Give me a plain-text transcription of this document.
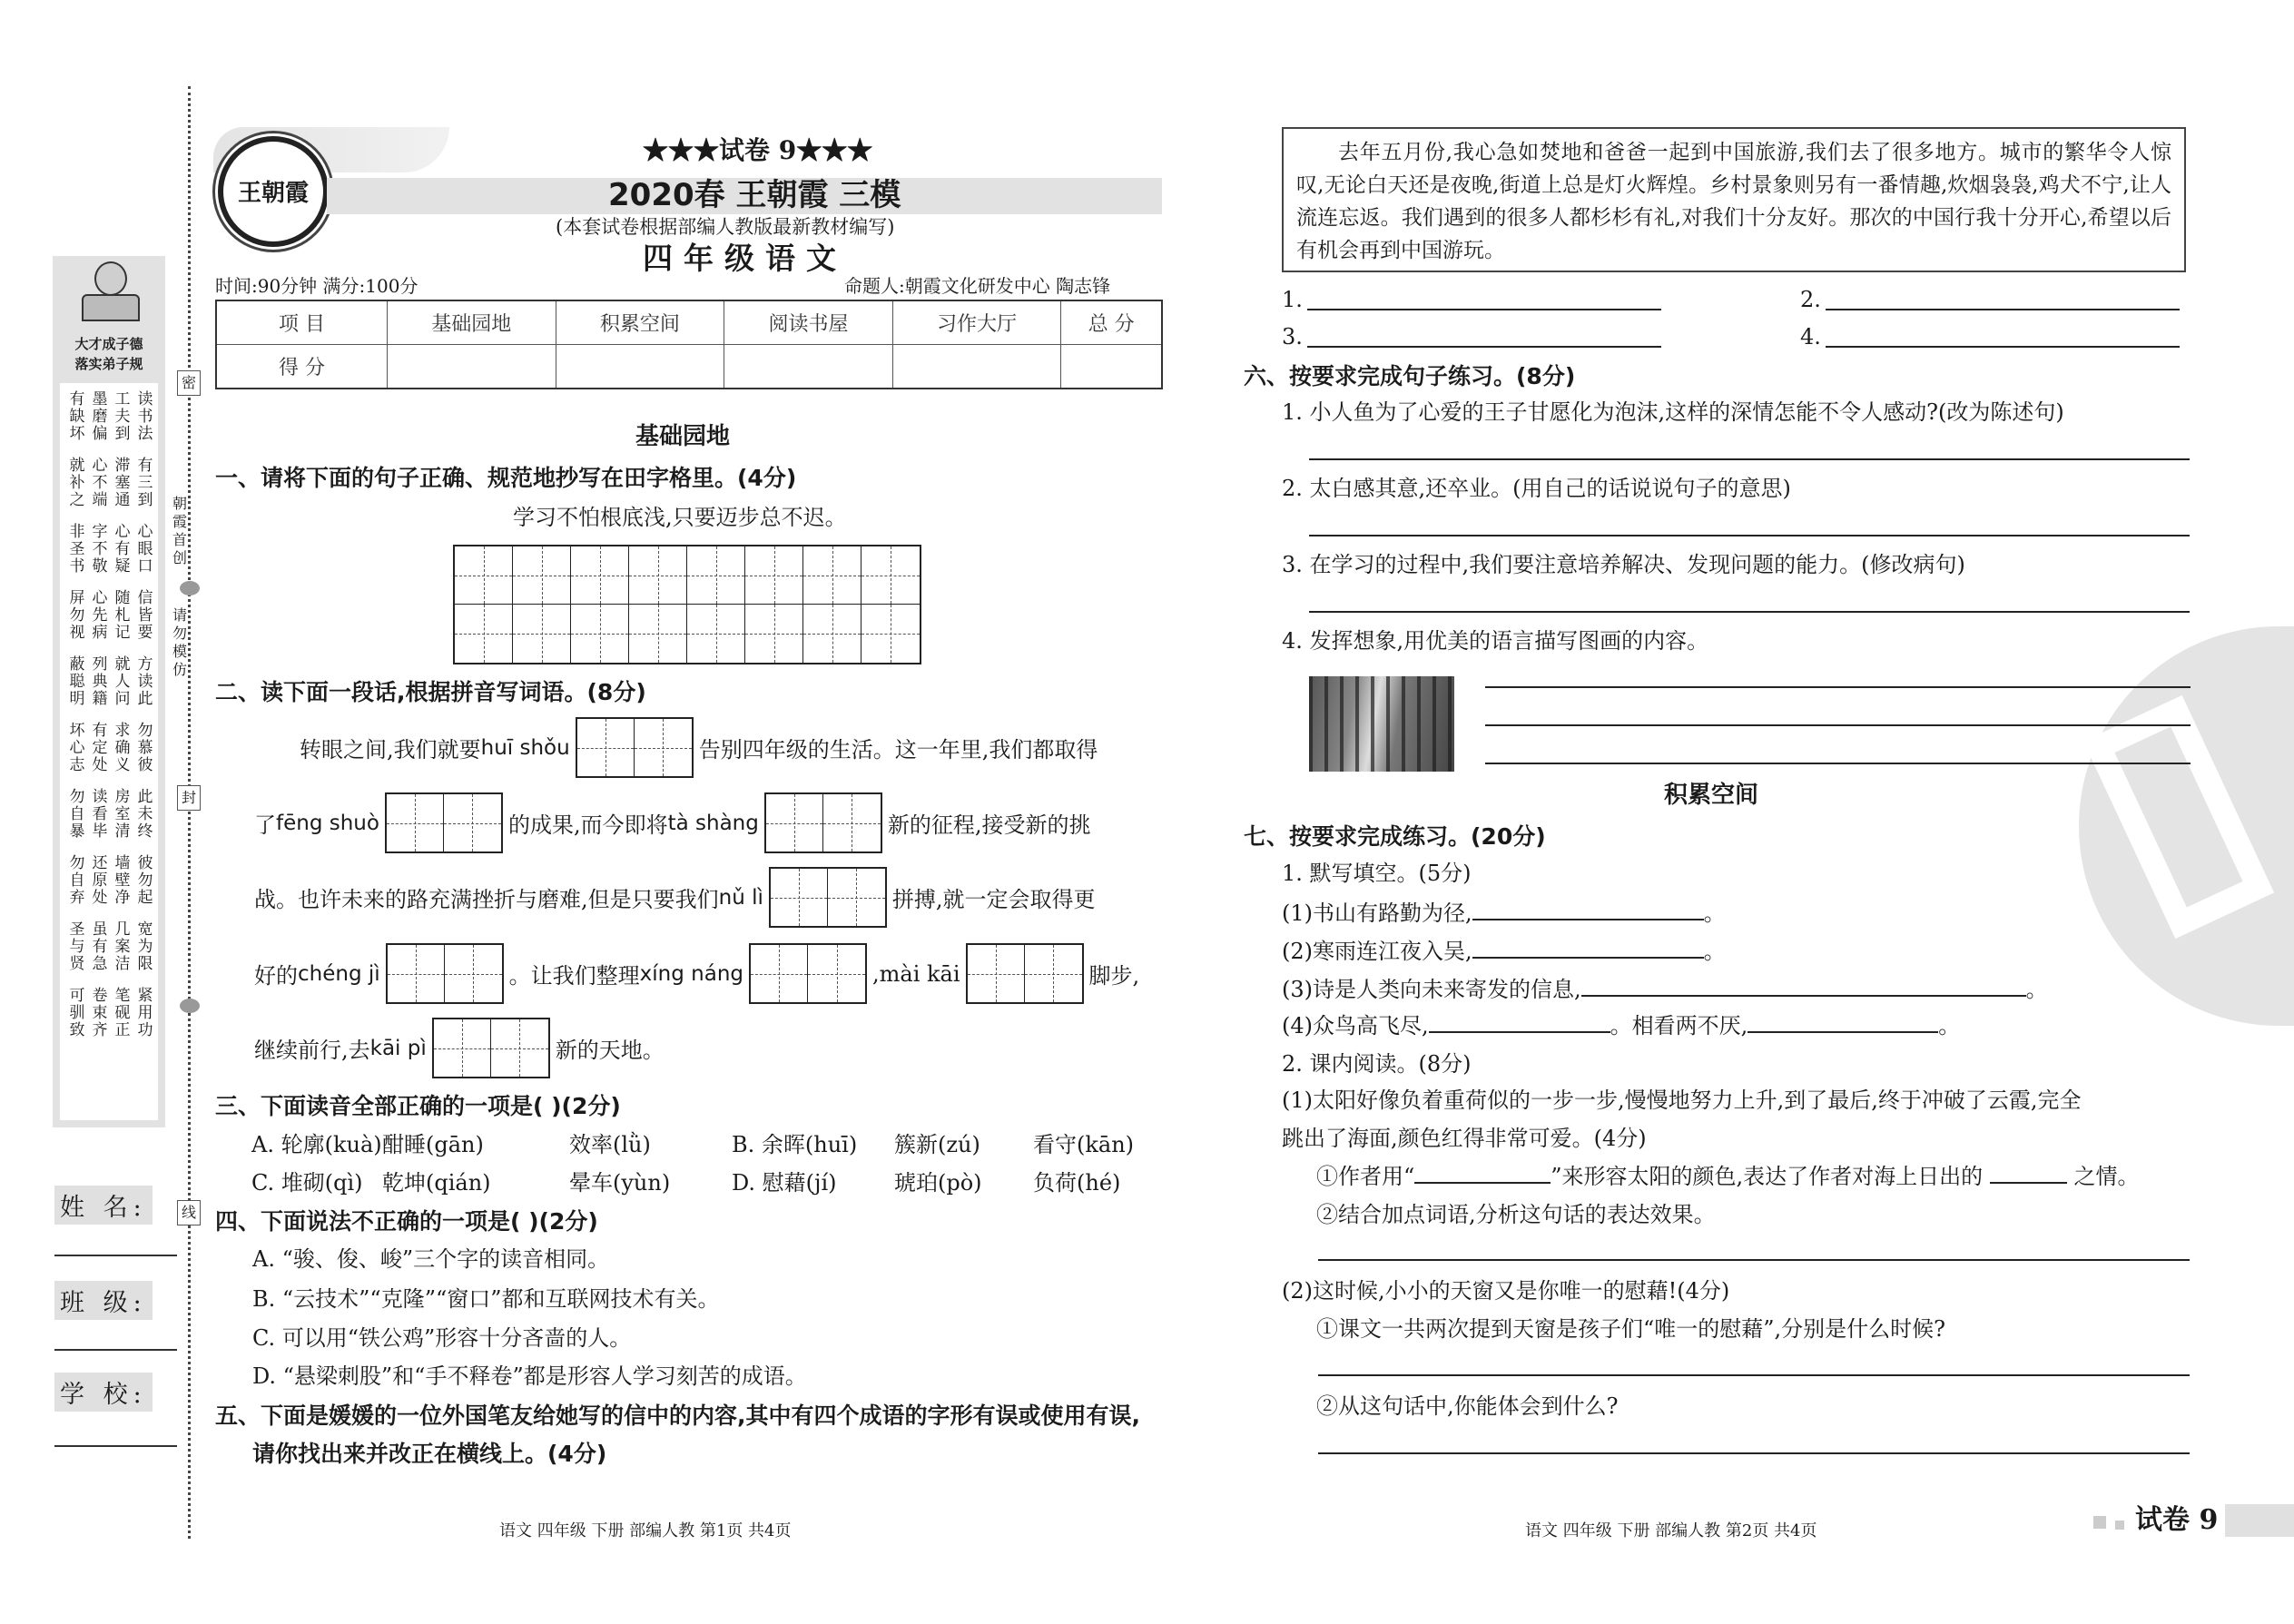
大才成子德
落实弟子规
有缺坏 墨磨偏 工夫到 读书法
就补之 心不端 滞塞通 有三到
非圣书 字不敬 心有疑 心眼口
屏勿视 心先病 随札记 信皆要
蔽聪明 列典籍 就人问 方读此
坏心志 有定处 求确义 勿慕彼
勿自暴 读看毕 房室清 此未终
勿自弃 还原处 墙壁净 彼勿起
圣与贤 虽有急 几案洁 宽为限
可驯致 卷束齐 笔砚正 紧用功
姓 名:
班 级:
学 校:
密
朝霞首创
请勿模仿
封
线
王朝霞
★★★试卷 9★★★
2020春 王朝霞 三模
(本套试卷根据部编人教版最新教材编写)
四年级语文
时间:90分钟 满分:100分	命题人:朝霞文化研发中心 陶志锋
项 目	基础园地	积累空间	阅读书屋	习作大厅	总 分
得 分					
基础园地
一、请将下面的句子正确、规范地抄写在田字格里。(4分)
学习不怕根底浅,只要迈步总不迟。
二、读下面一段话,根据拼音写词语。(8分)
转眼之间,我们就要 huī shǒu	告别四年级的生活。这一年里,我们都取得
了 fēng shuò	的成果,而今即将 tà shàng	新的征程,接受新的挑
战。也许未来的路充满挫折与磨难,但是只要我们 nǔ lì	拼搏,就一定会取得更
好的 chéng jì	。让我们整理 xíng náng	,mài kāi	脚步,
继续前行,去 kāi pì	新的天地。
三、下面读音全部正确的一项是( )(2分)
A. 轮廓(kuà) 酣睡(gān)	效率(lǜ)	B. 余晖(huī) 簇新(zú) 看守(kān)
C. 堆砌(qì) 乾坤(qián)	晕车(yùn)	D. 慰藉(jí)	琥珀(pò) 负荷(hé)
四、下面说法不正确的一项是( )(2分)
A. “骏、俊、峻”三个字的读音相同。
B. “云技术”“克隆”“窗口”都和互联网技术有关。
C. 可以用“铁公鸡”形容十分吝啬的人。
D. “悬梁刺股”和“手不释卷”都是形容人学习刻苦的成语。
五、下面是媛媛的一位外国笔友给她写的信中的内容,其中有四个成语的字形有误或使用有误,
请你找出来并改正在横线上。(4分)
语文 四年级 下册 部编人教 第1页 共4页

去年五月份,我心急如焚地和爸爸一起到中国旅游,我们去了很多地方。城市的繁华令人惊叹,无论白天还是夜晚,街道上总是灯火辉煌。乡村景象则另有一番情趣,炊烟袅袅,鸡犬不宁,让人流连忘返。我们遇到的很多人都杉杉有礼,对我们十分友好。那次的中国行我十分开心,希望以后有机会再到中国游玩。

1.	2.
3.	4.
六、按要求完成句子练习。(8分)
1. 小人鱼为了心爱的王子甘愿化为泡沫,这样的深情怎能不令人感动?(改为陈述句)
2. 太白感其意,还卒业。(用自己的话说说句子的意思)
3. 在学习的过程中,我们要注意培养解决、发现问题的能力。(修改病句)
4. 发挥想象,用优美的语言描写图画的内容。
积累空间
七、按要求完成练习。(20分)
1. 默写填空。(5分)
(1)书山有路勤为径,	。
(2)寒雨连江夜入吴,	。
(3)诗是人类向未来寄发的信息,	。
(4)众鸟高飞尽,	。相看两不厌,	。
2. 课内阅读。(8分)
(1)太阳好像负着重荷似的一步一步,慢慢地努力上升,到了最后,终于冲破了云霞,完全
跳出了海面,颜色红得非常可爱。(4分)
①作者用“	”来形容太阳的颜色,表达了作者对海上日出的	之情。
②结合加点词语,分析这句话的表达效果。
(2)这时候,小小的天窗又是你唯一的慰藉!(4分)
①课文一共两次提到天窗是孩子们“唯一的慰藉”,分别是什么时候?
②从这句话中,你能体会到什么?
语文 四年级 下册 部编人教 第2页 共4页	试卷 9
